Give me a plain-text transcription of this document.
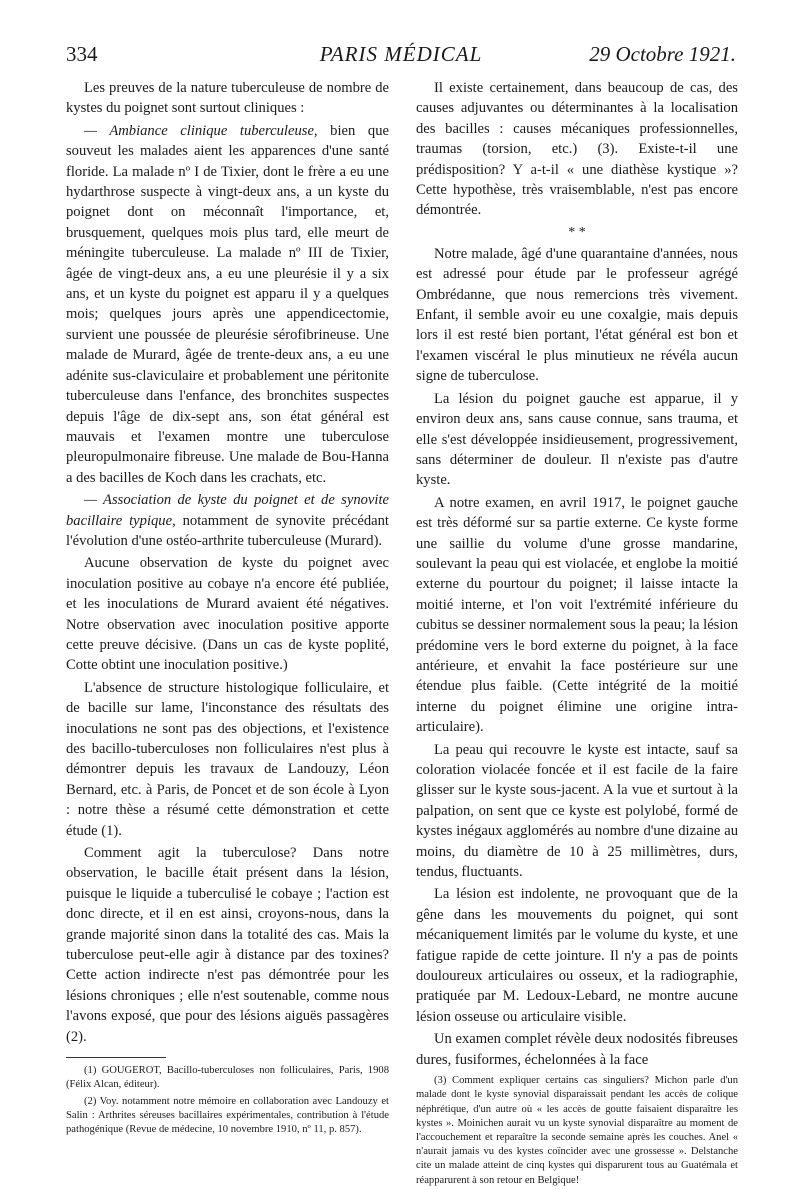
334	PARIS MÉDICAL	29 Octobre 1921.

Les preuves de la nature tuberculeuse de nombre de kystes du poignet sont surtout cliniques :

— Ambiance clinique tuberculeuse, bien que souveut les malades aient les apparences d'une santé floride. La malade nº I de Tixier, dont le frère a eu une hydarthrose suspecte à vingt-deux ans, a un kyste du poignet dont on méconnaît l'importance, et, brusquement, quelques mois plus tard, elle meurt de méningite tuberculeuse. La malade nº III de Tixier, âgée de vingt-deux ans, a eu une pleurésie il y a six ans, et un kyste du poignet est apparu il y a quelques mois; quelques jours après une appendicectomie, survient une poussée de pleurésie sérofibrineuse. Une malade de Murard, âgée de trente-deux ans, a eu une adénite sus-claviculaire et probablement une péritonite tuberculeuse dans l'enfance, des bronchites suspectes depuis l'âge de dix-sept ans, son état général est mauvais et l'examen montre une tuberculose pleuropulmonaire fibreuse. Une malade de Bou-Hanna a des bacilles de Koch dans les crachats, etc.

— Association de kyste du poignet et de synovite bacillaire typique, notamment de synovite précédant l'évolution d'une ostéo-arthrite tuberculeuse (Murard).

Aucune observation de kyste du poignet avec inoculation positive au cobaye n'a encore été publiée, et les inoculations de Murard avaient été négatives. Notre observation avec inoculation positive apporte cette preuve décisive. (Dans un cas de kyste poplité, Cotte obtint une inoculation positive.)

L'absence de structure histologique folliculaire, et de bacille sur lame, l'inconstance des résultats des inoculations ne sont pas des objections, et l'existence des bacillo-tuberculoses non folliculaires n'est plus à démontrer depuis les travaux de Landouzy, Léon Bernard, etc. à Paris, de Poncet et de son école à Lyon : notre thèse a résumé cette démonstration et cette étude (1).

Comment agit la tuberculose? Dans notre observation, le bacille était présent dans la lésion, puisque le liquide a tuberculisé le cobaye ; l'action est donc directe, et il en est ainsi, croyons-nous, dans la grande majorité sinon dans la totalité des cas. Mais la tuberculose peut-elle agir à distance par des toxines? Cette action indirecte n'est pas démontrée pour les lésions chroniques ; elle n'est soutenable, comme nous l'avons exposé, que pour des lésions aiguës passagères (2).

(1) GOUGEROT, Bacillo-tuberculoses non folliculaires, Paris, 1908 (Félix Alcan, éditeur).

(2) Voy. notamment notre mémoire en collaboration avec Landouzy et Salin : Arthrites séreuses bacillaires expérimentales, contribution à l'étude pathogénique (Revue de médecine, 10 novembre 1910, nº 11, p. 857).

Il existe certainement, dans beaucoup de cas, des causes adjuvantes ou déterminantes à la localisation des bacilles : causes mécaniques professionnelles, traumas (torsion, etc.) (3). Existe-t-il une prédisposition? Y a-t-il « une diathèse kystique »? Cette hypothèse, très vraisemblable, n'est pas encore démontrée.

* *

Notre malade, âgé d'une quarantaine d'années, nous est adressé pour étude par le professeur agrégé Ombrédanne, que nous remercions très vivement. Enfant, il semble avoir eu une coxalgie, mais depuis lors il est resté bien portant, l'état général est bon et l'examen viscéral le plus minutieux ne révéla aucun signe de tuberculose.

La lésion du poignet gauche est apparue, il y environ deux ans, sans cause connue, sans trauma, et elle s'est développée insidieusement, progressivement, sans déterminer de douleur. Il n'existe pas d'autre kyste.

A notre examen, en avril 1917, le poignet gauche est très déformé sur sa partie externe. Ce kyste forme une saillie du volume d'une grosse mandarine, soulevant la peau qui est violacée, et englobe la moitié externe du pourtour du poignet; il laisse intacte la moitié interne, et l'on voit l'extrémité inférieure du cubitus se dessiner normalement sous la peau; la lésion prédomine vers le bord externe du poignet, à la face antérieure, et envahit la face postérieure sur une étendue plus faible. (Cette intégrité de la moitié interne du poignet élimine une origine intra-articulaire).

La peau qui recouvre le kyste est intacte, sauf sa coloration violacée foncée et il est facile de la faire glisser sur le kyste sous-jacent. A la vue et surtout à la palpation, on sent que ce kyste est polylobé, formé de kystes inégaux agglomérés au nombre d'une dizaine au moins, du diamètre de 10 à 25 millimètres, durs, tendus, fluctuants.

La lésion est indolente, ne provoquant que de la gêne dans les mouvements du poignet, qui sont mécaniquement limités par le volume du kyste, et une fatigue rapide de cette jointure. Il n'y a pas de points douloureux articulaires ou osseux, et la radiographie, pratiquée par M. Ledoux-Lebard, ne montre aucune lésion osseuse ou articulaire visible.

Un examen complet révèle deux nodosités fibreuses dures, fusiformes, échelonnées à la face

(3) Comment expliquer certains cas singuliers? Michon parle d'un malade dont le kyste synovial disparaissait pendant les accès de colique néphrétique, d'un autre où « les accès de goutte faisaient disparaître les kystes ». Moinichen aurait vu un kyste synovial disparaître au moment de l'accouchement et reparaître la seconde semaine après les couches. Anel « n'aurait jamais vu des kystes coïncider avec une grossesse ». Delstanche cite un malade atteint de cinq kystes qui disparurent tous au Guatémala et réapparurent à son retour en Belgique!
